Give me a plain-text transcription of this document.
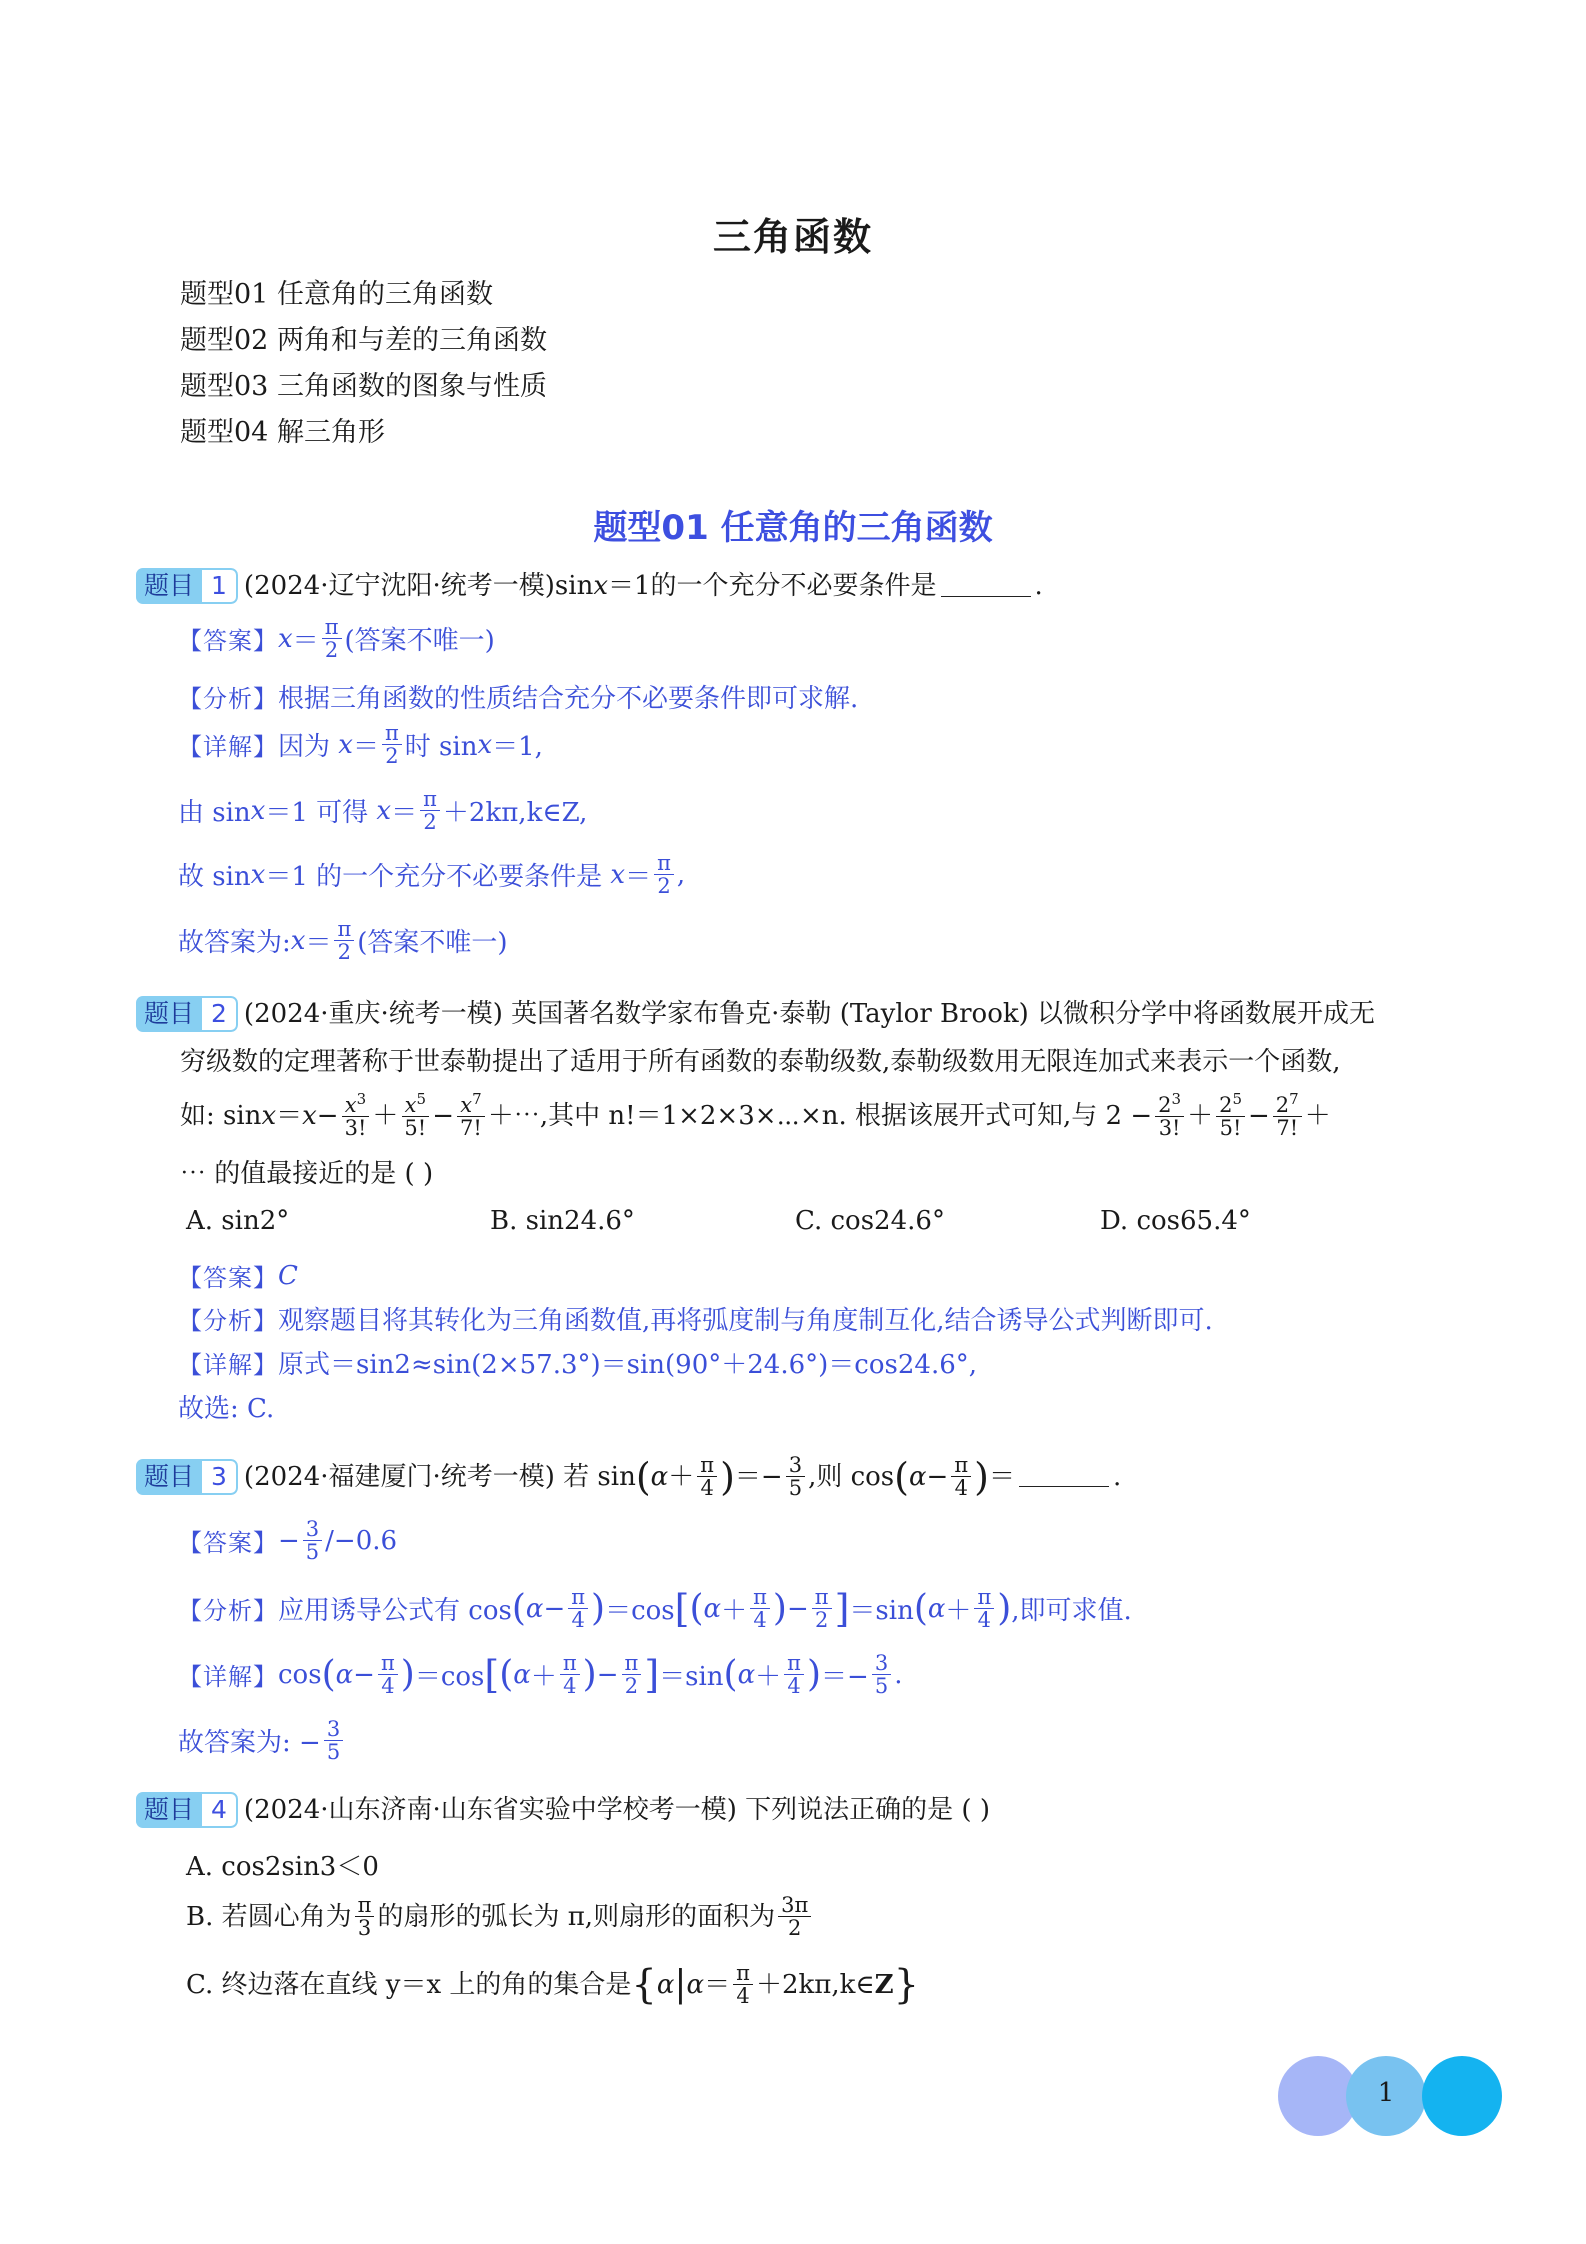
三角函数
题型01 任意角的三角函数
题型02 两角和与差的三角函数
题型03 三角函数的图象与性质
题型04 解三角形
题型01 任意角的三角函数
题目 1 (2024·辽宁沈阳·统考一模)sin x ＝1的一个充分不必要条件是	.
【答案】 $x = \frac{\pi}{2}$ (答案不唯一)
【分析】 根据三角函数的性质结合充分不必要条件即可求解.
【详解】 因为
$x = \frac{\pi}{2}$ 时 sin x ＝1,
由 sin x ＝1 可得
$x = \frac{\pi}{2}$ ＋2kπ,k∈Z,
故 sin x ＝1 的一个充分不必要条件是
$x = \frac{\pi}{2}$ ,
故答案为: $x = \frac{\pi}{2}$ (答案不唯一)
题目 2 (2024·重庆·统考一模) 英国著名数学家布鲁克·泰勒 (Taylor Brook) 以微积分学中将函数展开成无
穷级数的定理著称于世泰勒提出了适用于所有函数的泰勒级数,泰勒级数用无限连加式来表示一个函数,
如: $\sin x = x - \frac{x^3}{3!} + \frac{x^5}{5!} - \frac{x^7}{7!}$ ＋⋯,其中 n!＝1×2×3×⋯×n. 根据该展开式可知,与 $2 - \frac{2^3}{3!} + \frac{2^5}{5!} - \frac{2^7}{7!}$ ＋
⋯ 的值最接近的是 ( )
A. sin2°	B. sin24.6°	C. cos24.6°	D. cos65.4°
【答案】 C
【分析】 观察题目将其转化为三角函数值,再将弧度制与角度制互化,结合诱导公式判断即可.
【详解】 原式＝sin2≈sin(2×57.3°)＝sin(90°＋24.6°)＝cos24.6°,
故选: C.
题目 3 (2024·福建厦门·统考一模) 若 sin ( $\alpha + \frac{\pi}{4}$ ) ＝− $\frac{3}{5}$ ,则 cos ( $\alpha - \frac{\pi}{4}$ ) ＝	.
【答案】 − $\frac{3}{5} /-0.6$
【分析】 应用诱导公式有 cos ( $\alpha - \frac{\pi}{4}$ ) ＝cos [ ( $\alpha + \frac{\pi}{4}$ ) − $\frac{\pi}{2}$ ] ＝sin ( $\alpha + \frac{\pi}{4}$ ) ,即可求值.
【详解】 cos ( $\alpha - \frac{\pi}{4}$ ) ＝cos [ ( $\alpha + \frac{\pi}{4}$ ) − $\frac{\pi}{2}$ ] ＝sin ( $\alpha + \frac{\pi}{4}$ ) ＝− $\frac{3}{5}$ .
故答案为: − $\frac{3}{5}$
题目 4 (2024·山东济南·山东省实验中学校考一模) 下列说法正确的是 ( )
A. cos2sin3＜0
B. 若圆心角为 $\frac{\pi}{3}$ 的扇形的弧长为 π,则扇形的面积为 $\frac{3\pi}{2}$
C. 终边落在直线 y＝x 上的角的集合是 { α | $\alpha = \frac{\pi}{4}$ ＋2kπ,k∈ Z }
1
